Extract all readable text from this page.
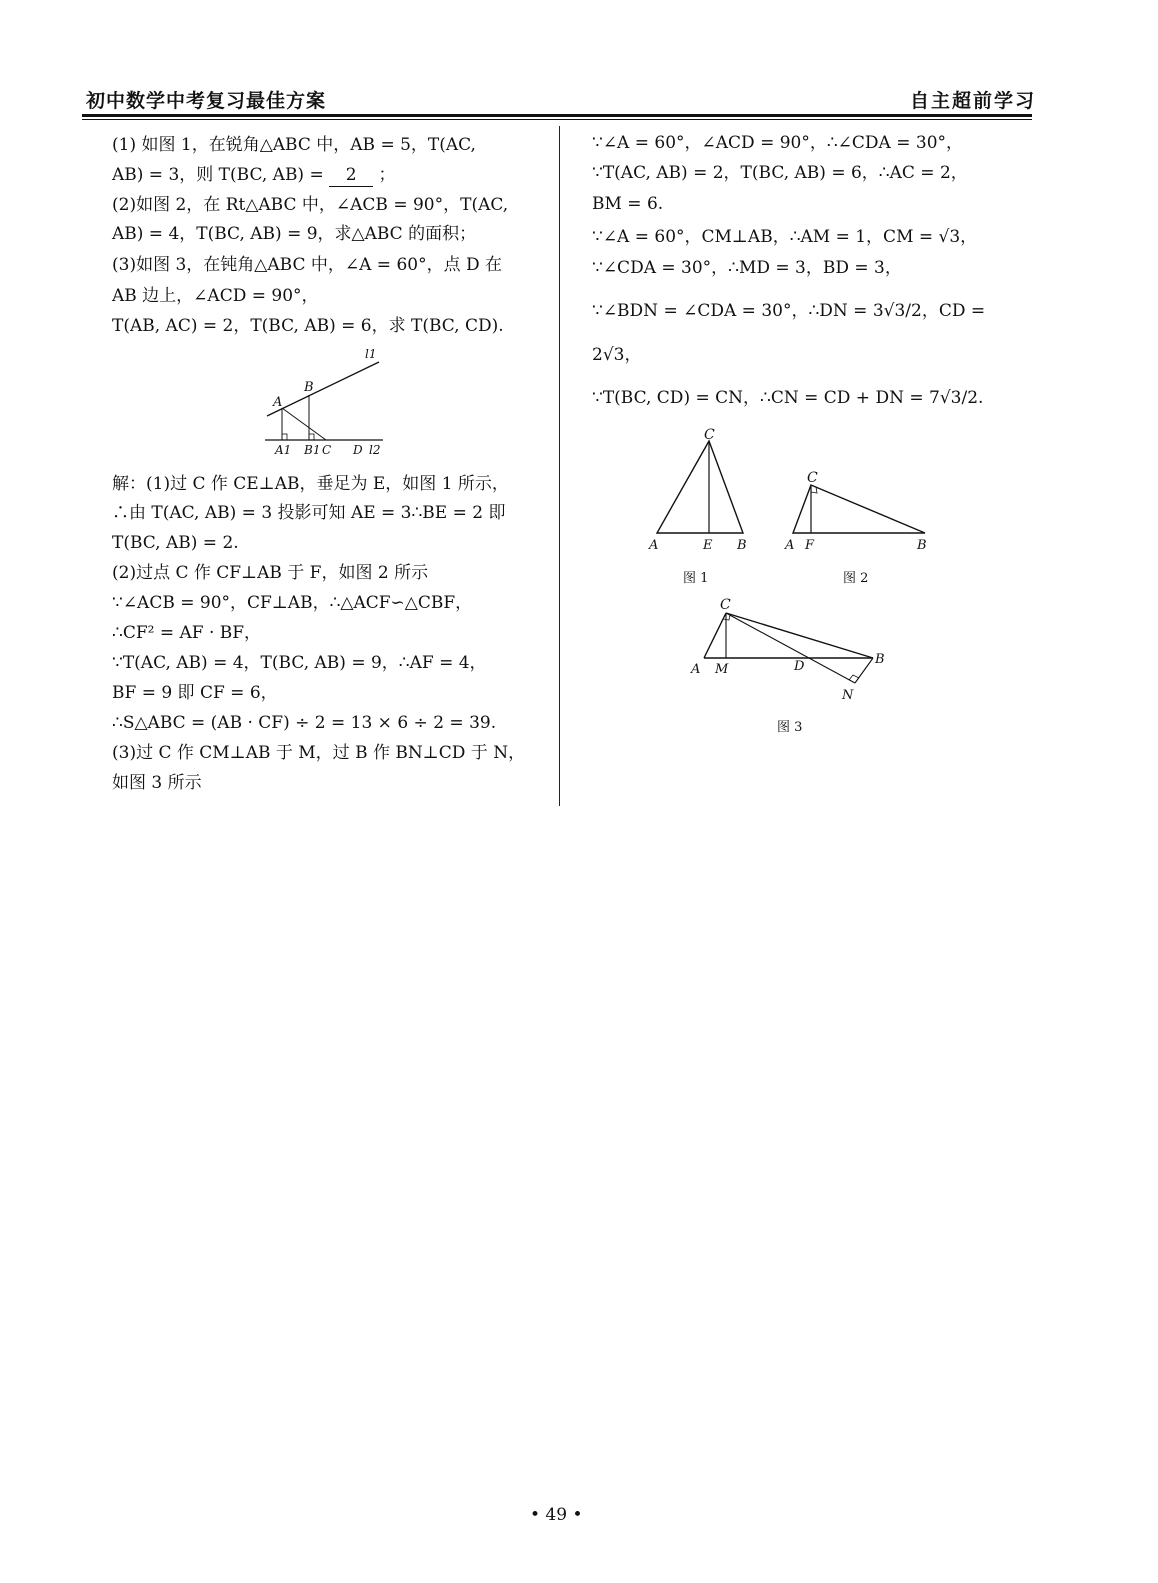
初中数学中考复习最佳方案	自主超前学习
(1) 如图 1，在锐角△ABC 中，AB = 5，T(AC,
AB) = 3，则 T(BC, AB) = 2 ；
(2)如图 2，在 Rt△ABC 中，∠ACB = 90°，T(AC,
AB) = 4，T(BC, AB) = 9，求△ABC 的面积；
(3)如图 3，在钝角△ABC 中，∠A = 60°，点 D 在
AB 边上，∠ACD = 90°，
T(AB, AC) = 2，T(BC, AB) = 6，求 T(BC, CD).
l1
A
B
A1 B1 C D l2
解：(1)过 C 作 CE⊥AB，垂足为 E，如图 1 所示，
∴由 T(AC, AB) = 3 投影可知 AE = 3∴BE = 2 即
T(BC, AB) = 2.
(2)过点 C 作 CF⊥AB 于 F，如图 2 所示
∵∠ACB = 90°，CF⊥AB，∴△ACF∽△CBF，
∴CF² = AF · BF，
∵T(AC, AB) = 4，T(BC, AB) = 9，∴AF = 4，
BF = 9 即 CF = 6，
∴S△ABC = (AB · CF) ÷ 2 = 13 × 6 ÷ 2 = 39.
(3)过 C 作 CM⊥AB 于 M，过 B 作 BN⊥CD 于 N，
如图 3 所示
∵∠A = 60°，∠ACD = 90°，∴∠CDA = 30°，
∵T(AC, AB) = 2，T(BC, AB) = 6，∴AC = 2，
BM = 6.
∵∠A = 60°，CM⊥AB，∴AM = 1，CM = √3，
∵∠CDA = 30°，∴MD = 3，BD = 3，
∵∠BDN = ∠CDA = 30°，∴DN = 3√3/2，CD =
2√3，
∵T(BC, CD) = CN，∴CN = CD + DN = 7√3/2.
C
A	E B
图 1
C
A F	B
图 2
C
A M	D	B
N
图 3
• 49 •
